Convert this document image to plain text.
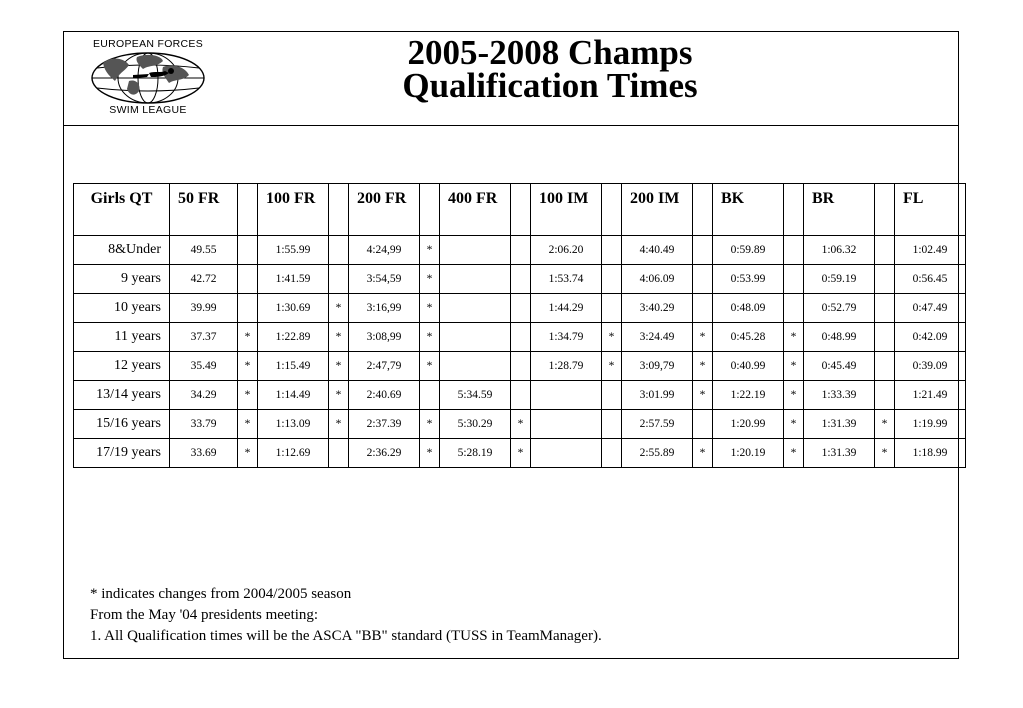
EUROPEAN FORCES
SWIM LEAGUE
2005-2008 Champs
Qualification Times
Girls QT	50 FR		100 FR		200 FR		400 FR		100 IM		200 IM		BK		BR		FL
8&Under	49.55		1:55.99		4:24,99	*			2:06.20		4:40.49		0:59.89		1:06.32		1:02.49
9 years	42.72		1:41.59		3:54,59	*			1:53.74		4:06.09		0:53.99		0:59.19		0:56.45
10 years	39.99		1:30.69	*	3:16,99	*			1:44.29		3:40.29		0:48.09		0:52.79		0:47.49
11 years	37.37	*	1:22.89	*	3:08,99	*			1:34.79	*	3:24.49	*	0:45.28	*	0:48.99		0:42.09
12 years	35.49	*	1:15.49	*	2:47,79	*			1:28.79	*	3:09,79	*	0:40.99	*	0:45.49		0:39.09
13/14 years	34.29	*	1:14.49	*	2:40.69		5:34.59				3:01.99	*	1:22.19	*	1:33.39		1:21.49
15/16 years	33.79	*	1:13.09	*	2:37.39	*	5:30.29	*			2:57.59		1:20.99	*	1:31.39	*	1:19.99
17/19 years	33.69	*	1:12.69		2:36.29	*	5:28.19	*			2:55.89	*	1:20.19	*	1:31.39	*	1:18.99
* indicates changes from 2004/2005 season
From the May '04 presidents meeting:
1. All Qualification times will be the ASCA "BB" standard (TUSS in TeamManager).
